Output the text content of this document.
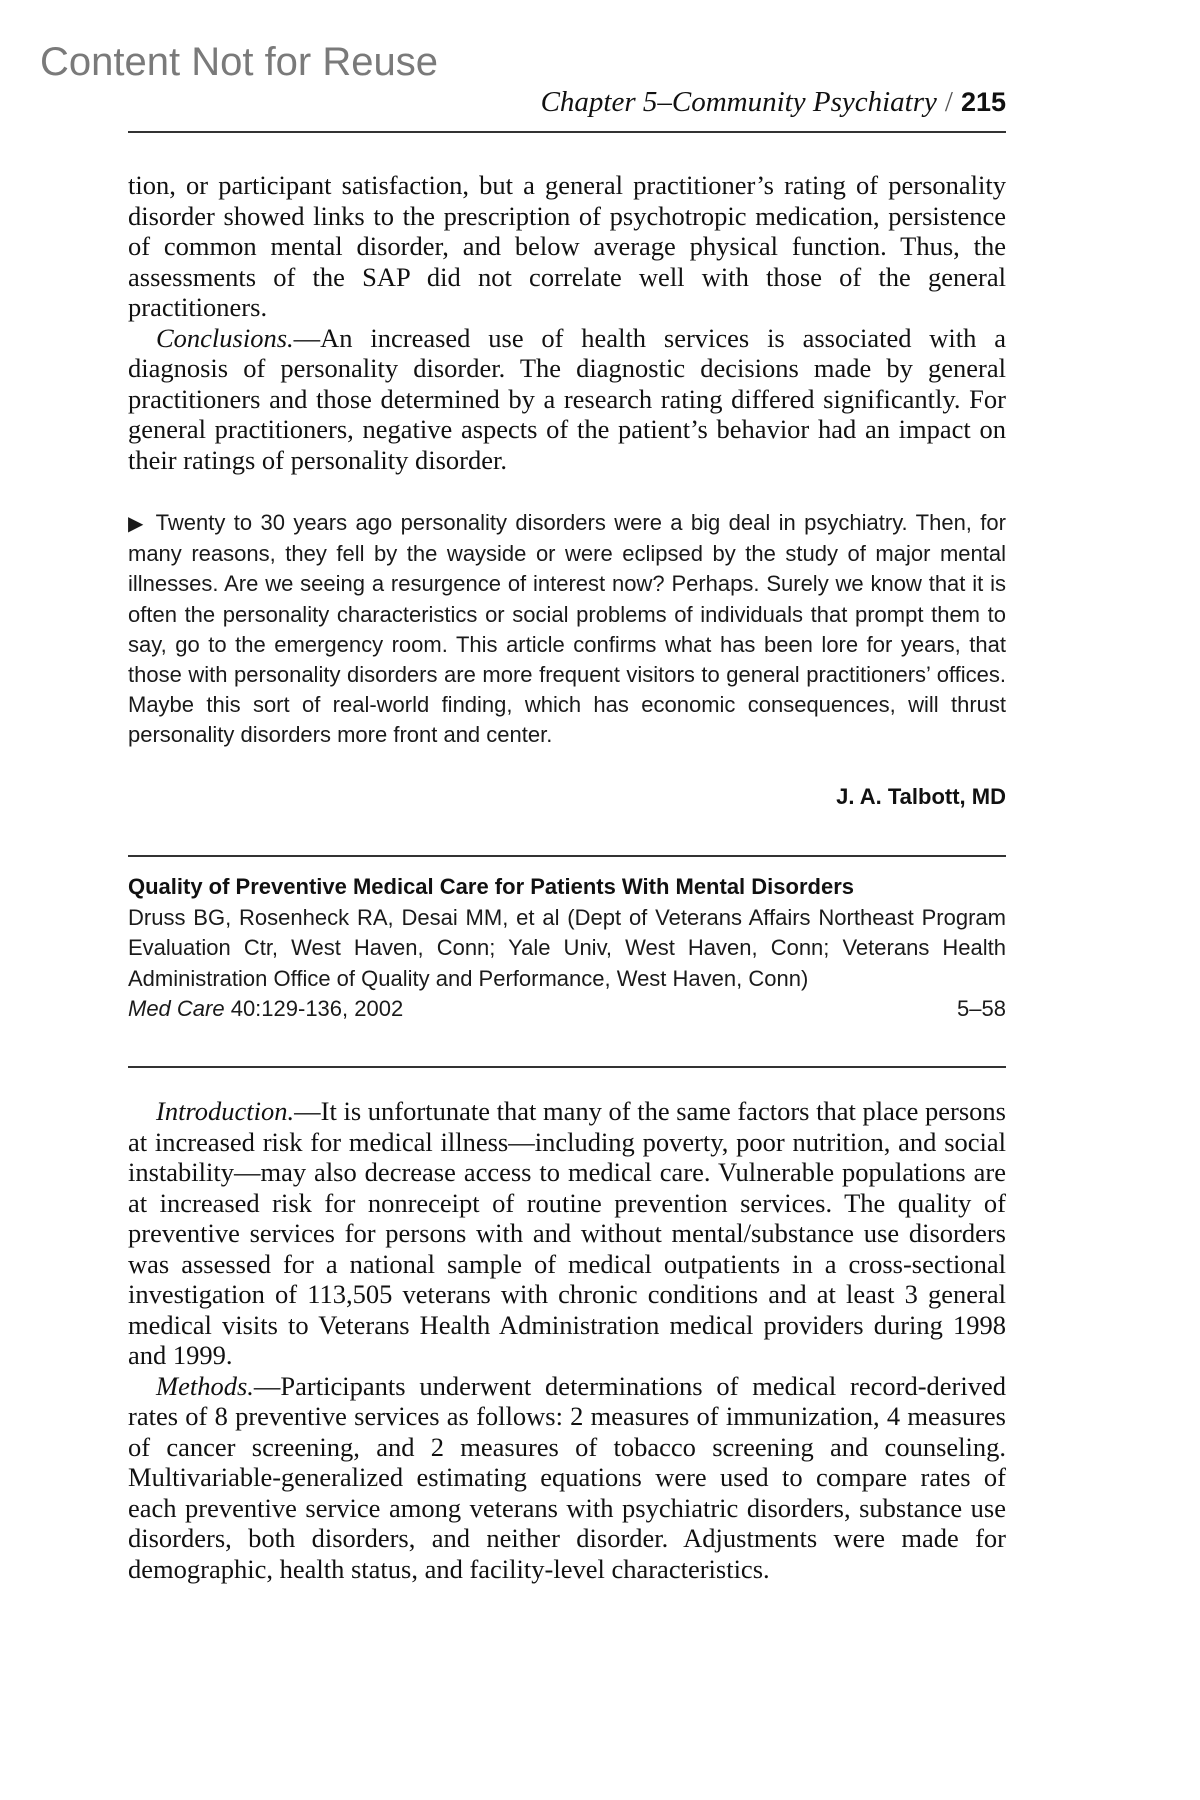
Content Not for Reuse
Chapter 5–Community Psychiatry / 215

tion, or participant satisfaction, but a general practitioner’s rating of personality disorder showed links to the prescription of psychotropic medication, persistence of common mental disorder, and below average physical function. Thus, the assessments of the SAP did not correlate well with those of the general practitioners.

Conclusions.—An increased use of health services is associated with a diagnosis of personality disorder. The diagnostic decisions made by general practitioners and those determined by a research rating differed significantly. For general practitioners, negative aspects of the patient’s behavior had an impact on their ratings of personality disorder.

▶ Twenty to 30 years ago personality disorders were a big deal in psychiatry. Then, for many reasons, they fell by the wayside or were eclipsed by the study of major mental illnesses. Are we seeing a resurgence of interest now? Perhaps. Surely we know that it is often the personality characteristics or social problems of individuals that prompt them to say, go to the emergency room. This article confirms what has been lore for years, that those with personality disorders are more frequent visitors to general practitioners’ offices. Maybe this sort of real-world finding, which has economic consequences, will thrust personality disorders more front and center.

J. A. Talbott, MD
Quality of Preventive Medical Care for Patients With Mental Disorders
Druss BG, Rosenheck RA, Desai MM, et al (Dept of Veterans Affairs Northeast Program Evaluation Ctr, West Haven, Conn; Yale Univ, West Haven, Conn; Veterans Health Administration Office of Quality and Performance, West Haven, Conn)
Med Care 40:129-136, 2002	5–58

Introduction.—It is unfortunate that many of the same factors that place persons at increased risk for medical illness—including poverty, poor nutrition, and social instability—may also decrease access to medical care. Vulnerable populations are at increased risk for nonreceipt of routine prevention services. The quality of preventive services for persons with and without mental/substance use disorders was assessed for a national sample of medical outpatients in a cross-sectional investigation of 113,505 veterans with chronic conditions and at least 3 general medical visits to Veterans Health Administration medical providers during 1998 and 1999.

Methods.—Participants underwent determinations of medical record-derived rates of 8 preventive services as follows: 2 measures of immunization, 4 measures of cancer screening, and 2 measures of tobacco screening and counseling. Multivariable-generalized estimating equations were used to compare rates of each preventive service among veterans with psychiatric disorders, substance use disorders, both disorders, and neither disorder. Adjustments were made for demographic, health status, and facility-level characteristics.
